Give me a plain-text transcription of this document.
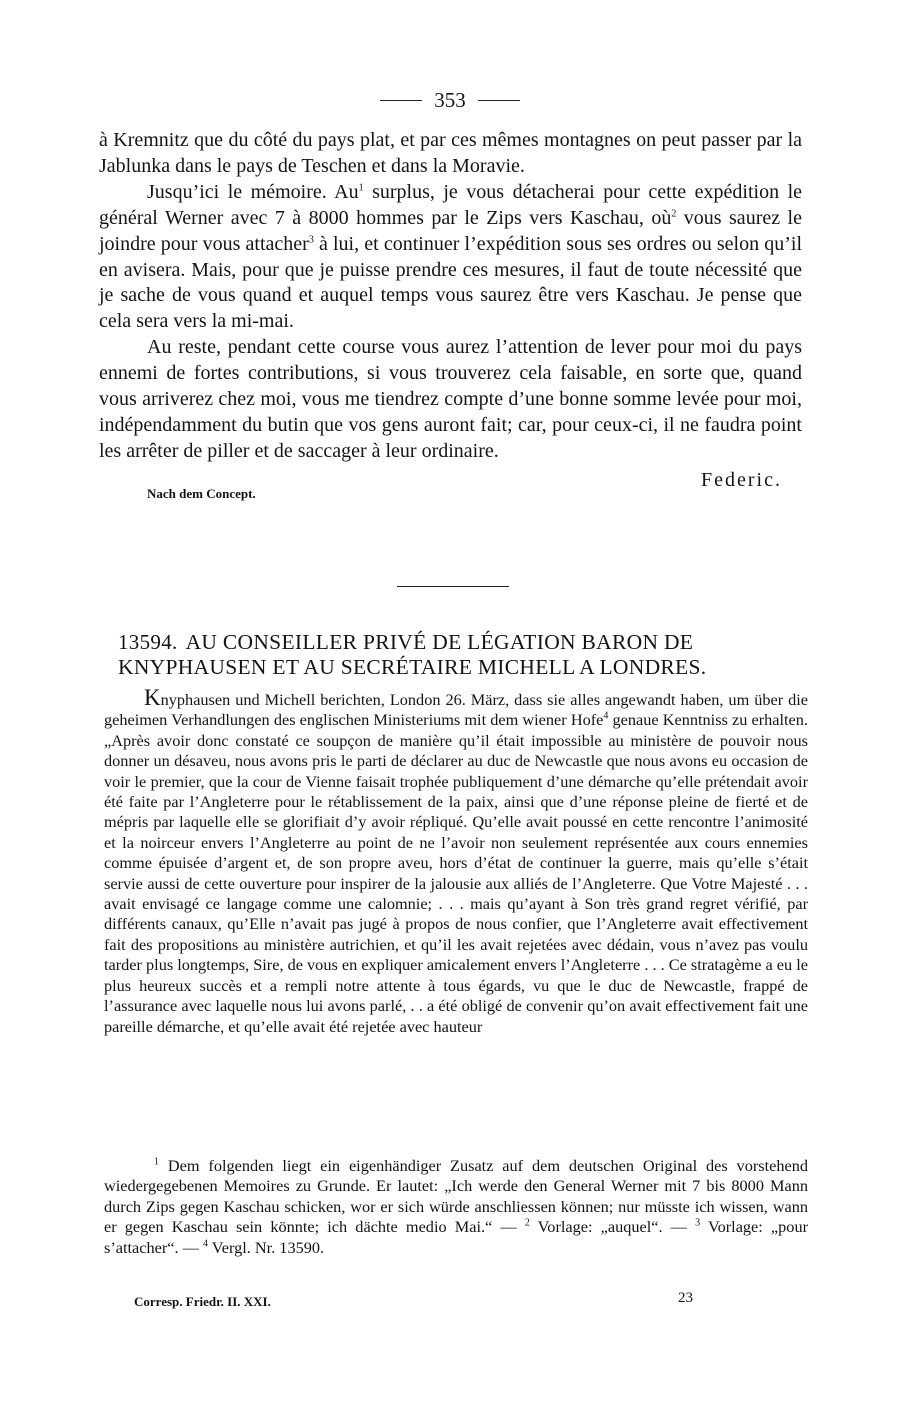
353

à Kremnitz que du côté du pays plat, et par ces mêmes montagnes on peut passer par la Jablunka dans le pays de Teschen et dans la Moravie.

Jusqu’ici le mémoire. Au$^1$ surplus, je vous détacherai pour cette expédition le général Werner avec 7 à 8000 hommes par le Zips vers Kaschau, $où^2$ vous saurez le joindre pour vous attacher$^3$ à lui, et continuer l’expédition sous ses ordres ou selon qu’il en avisera. Mais, pour que je puisse prendre ces mesures, il faut de toute nécessité que je sache de vous quand et auquel temps vous saurez être vers Kaschau. Je pense que cela sera vers la mi-mai.

Au reste, pendant cette course vous aurez l’attention de lever pour moi du pays ennemi de fortes contributions, si vous trouverez cela faisable, en sorte que, quand vous arriverez chez moi, vous me tiendrez compte d’une bonne somme levée pour moi, indépendamment du butin que vos gens auront fait; car, pour ceux-ci, il ne faudra point les arrêter de piller et de saccager à leur ordinaire.

Nach dem Concept.
Federic.
13594. AU CONSEILLER PRIVÉ DE LÉGATION BARON DE KNYPHAUSEN ET AU SECRÉTAIRE MICHELL A LONDRES.

Knyphausen und Michell berichten, London 26. März, dass sie alles angewandt haben, um über die geheimen Verhandlungen des englischen Ministeriums mit dem wiener Hofe$^4$ genaue Kenntniss zu erhalten. „Après avoir donc constaté ce soupçon de manière qu’il était impossible au ministère de pouvoir nous donner un désaveu, nous avons pris le parti de déclarer au duc de Newcastle que nous avons eu occasion de voir le premier, que la cour de Vienne faisait trophée publiquement d’une démarche qu’elle prétendait avoir été faite par l’Angleterre pour le rétablissement de la paix, ainsi que d’une réponse pleine de fierté et de mépris par laquelle elle se glorifiait d’y avoir répliqué. Qu’elle avait poussé en cette rencontre l’animosité et la noirceur envers l’Angleterre au point de ne l’avoir non seulement représentée aux cours ennemies comme épuisée d’argent et, de son propre aveu, hors d’état de continuer la guerre, mais qu’elle s’était servie aussi de cette ouverture pour inspirer de la jalousie aux alliés de l’Angleterre. Que Votre Majesté . . . avait envisagé ce langage comme une calomnie; . . . mais qu’ayant à Son très grand regret vérifié, par différents canaux, qu’Elle n’avait pas jugé à propos de nous confier, que l’Angleterre avait effectivement fait des propositions au ministère autrichien, et qu’il les avait rejetées avec dédain, vous n’avez pas voulu tarder plus longtemps, Sire, de vous en expliquer amicalement envers l’Angleterre . . . Ce stratagème a eu le plus heureux succès et a rempli notre attente à tous égards, vu que le duc de Newcastle, frappé de l’assurance avec laquelle nous lui avons parlé, . . a été obligé de convenir qu’on avait effectivement fait une pareille démarche, et qu’elle avait été rejetée avec hauteur

$^1$ Dem folgenden liegt ein eigenhändiger Zusatz auf dem deutschen Original des vorstehend wiedergegebenen Memoires zu Grunde. Er lautet: „Ich werde den General Werner mit 7 bis 8000 Mann durch Zips gegen Kaschau schicken, wor er sich würde anschliessen können; nur müsste ich wissen, wann er gegen Kaschau sein könnte; ich dächte medio Mai.“ — $^2$ Vorlage: „auquel“. — $^3$ Vorlage: „pour s’attacher“. — $^4$ Vergl. Nr. 13590.

Corresp. Friedr. II. XXI.	23
